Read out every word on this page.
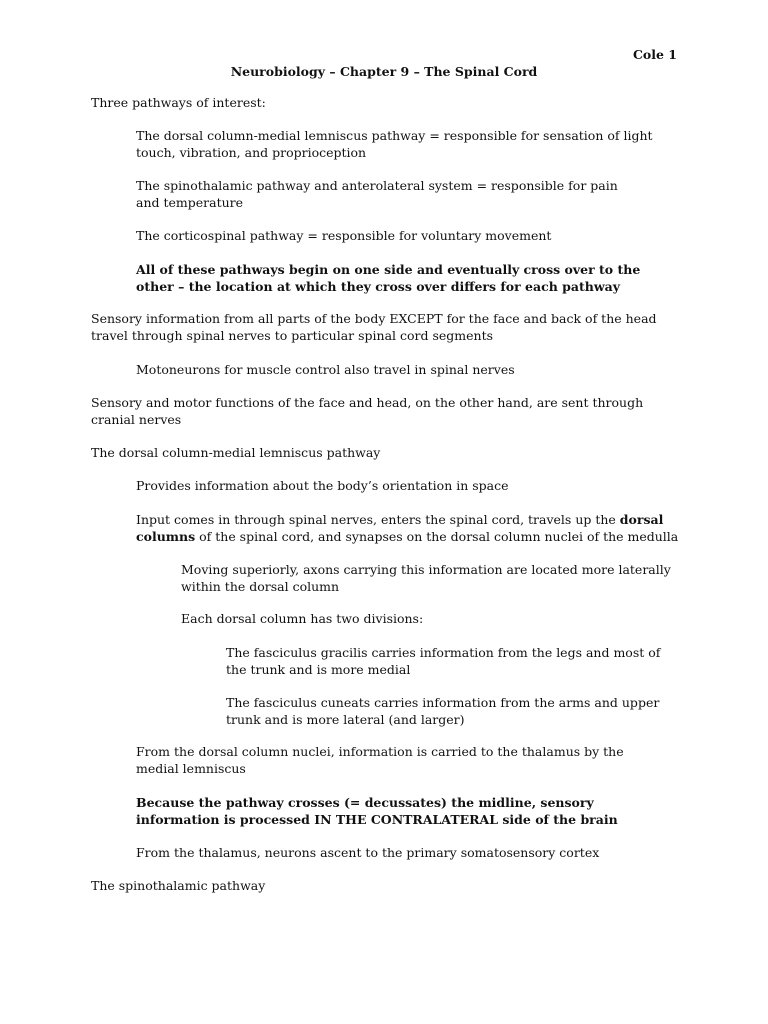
Cole 1
Neurobiology – Chapter 9 – The Spinal Cord

Three pathways of interest:

The dorsal column-medial lemniscus pathway = responsible for sensation of light touch, vibration, and proprioception

The spinothalamic pathway and anterolateral system = responsible for pain and temperature

The corticospinal pathway = responsible for voluntary movement

All of these pathways begin on one side and eventually cross over to the other – the location at which they cross over differs for each pathway

Sensory information from all parts of the body EXCEPT for the face and back of the head travel through spinal nerves to particular spinal cord segments

Motoneurons for muscle control also travel in spinal nerves

Sensory and motor functions of the face and head, on the other hand, are sent through cranial nerves

The dorsal column-medial lemniscus pathway

Provides information about the body’s orientation in space

Input comes in through spinal nerves, enters the spinal cord, travels up the dorsal columns of the spinal cord, and synapses on the dorsal column nuclei of the medulla

Moving superiorly, axons carrying this information are located more laterally within the dorsal column

Each dorsal column has two divisions:

The fasciculus gracilis carries information from the legs and most of the trunk and is more medial

The fasciculus cuneats carries information from the arms and upper trunk and is more lateral (and larger)

From the dorsal column nuclei, information is carried to the thalamus by the medial lemniscus

Because the pathway crosses (= decussates) the midline, sensory information is processed IN THE CONTRALATERAL side of the brain

From the thalamus, neurons ascent to the primary somatosensory cortex

The spinothalamic pathway
